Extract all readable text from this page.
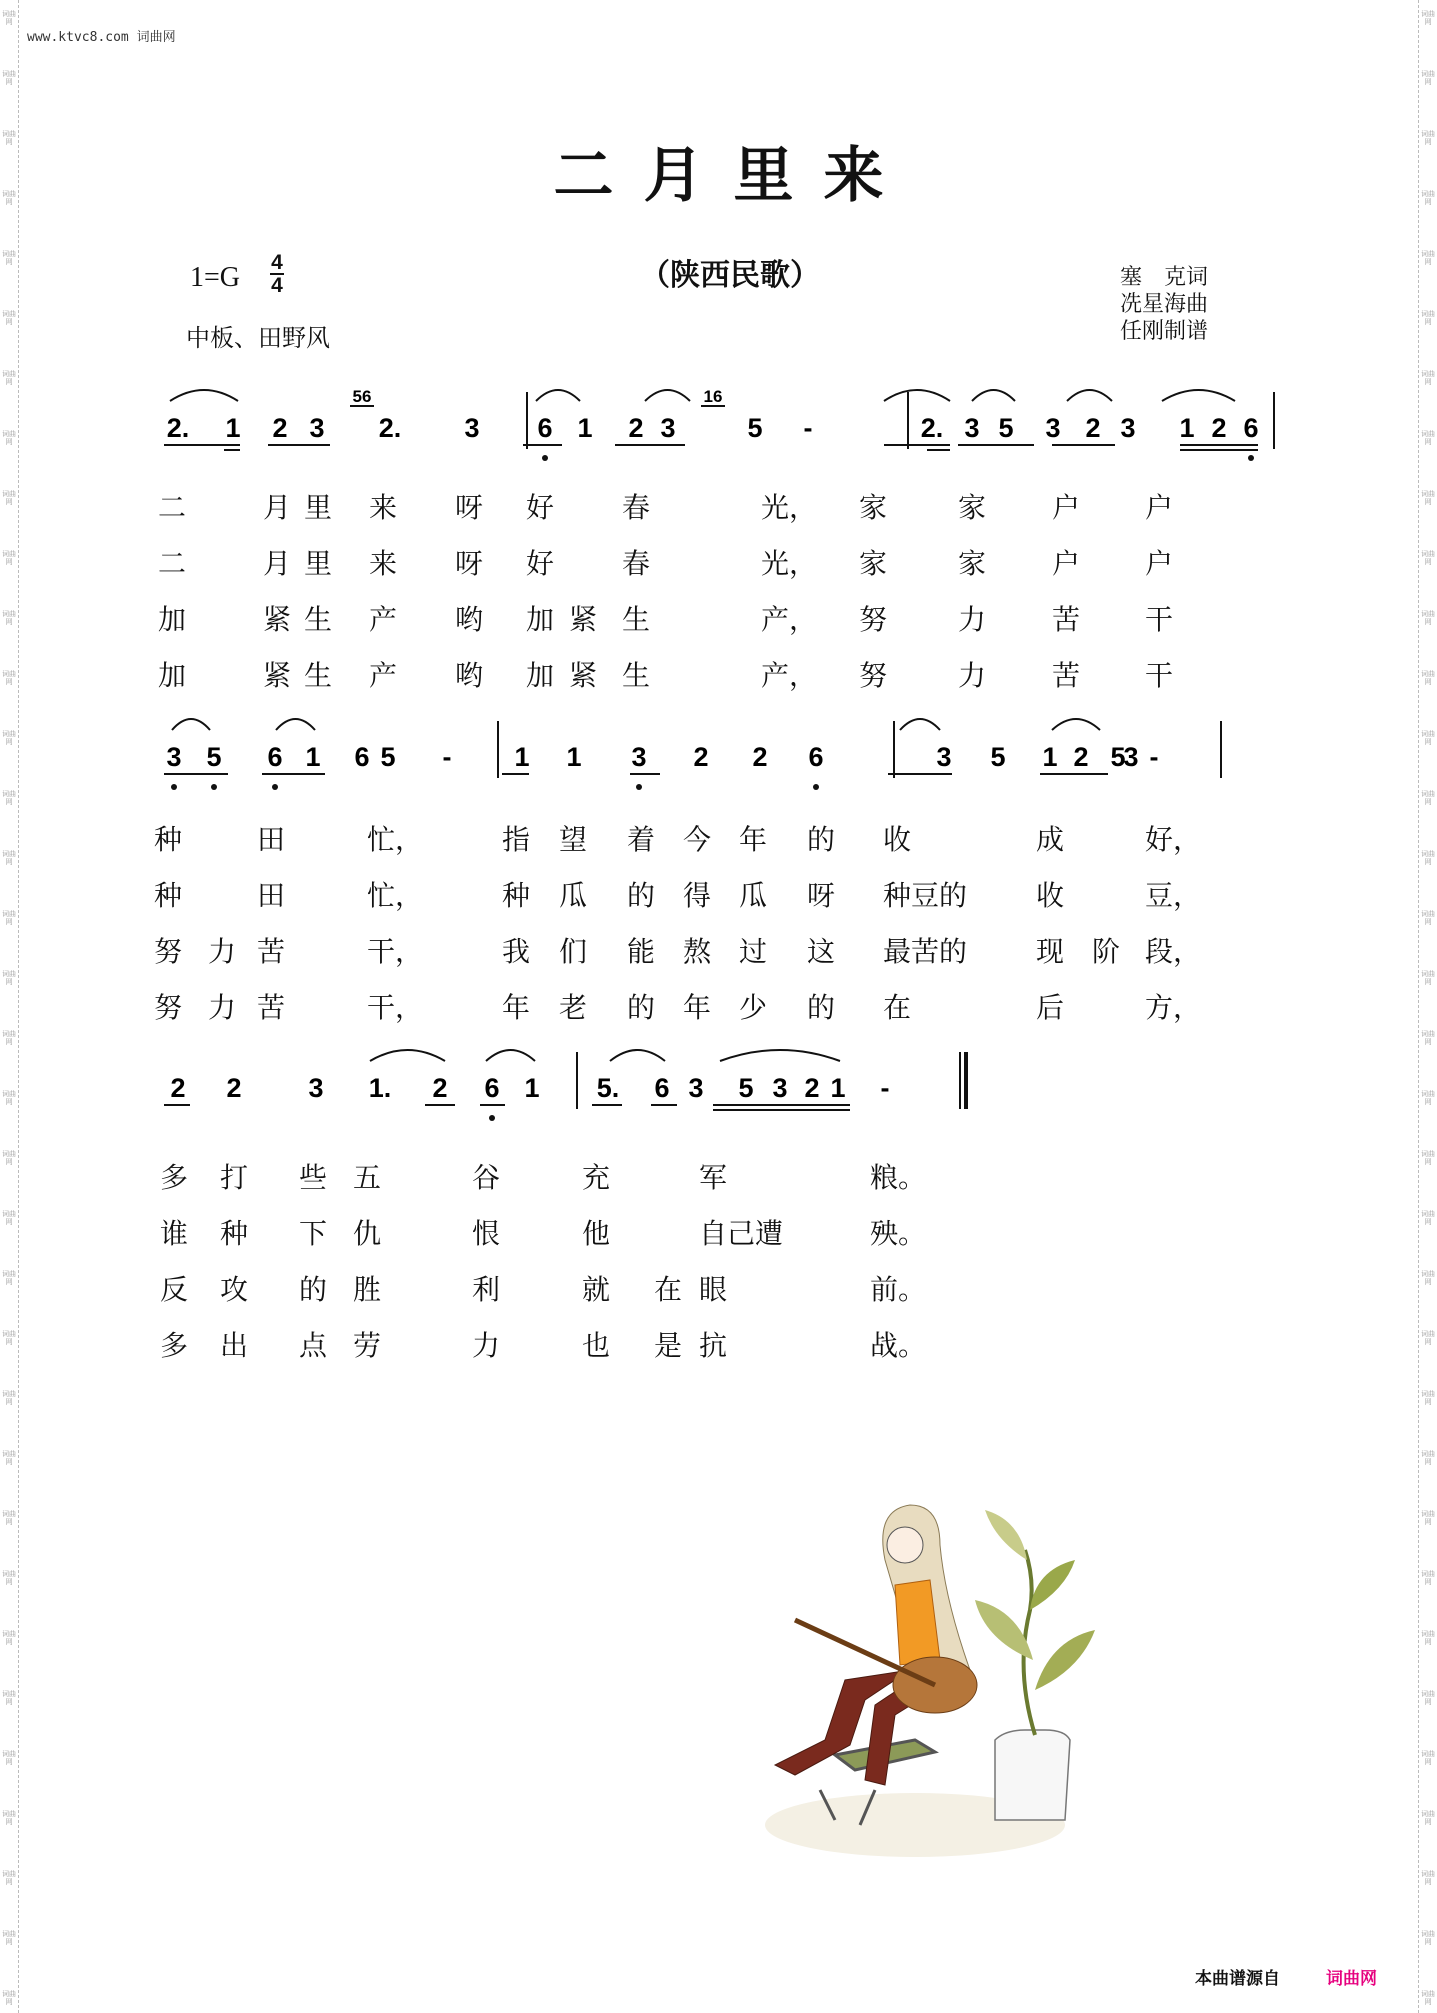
词曲网
词曲网
词曲网
词曲网
词曲网
词曲网
词曲网
词曲网
词曲网
词曲网
词曲网
词曲网
词曲网
词曲网
词曲网
词曲网
词曲网
词曲网
词曲网
词曲网
词曲网
词曲网
词曲网
词曲网
词曲网
词曲网
词曲网
词曲网
词曲网
词曲网
词曲网
词曲网
词曲网
词曲网
词曲网
词曲网
词曲网
词曲网
词曲网
词曲网
词曲网
词曲网
词曲网
词曲网
词曲网
词曲网
词曲网
词曲网
词曲网
词曲网
词曲网
词曲网
词曲网
词曲网
词曲网
词曲网
词曲网
词曲网
词曲网
词曲网
词曲网
词曲网
词曲网
词曲网
词曲网
词曲网
词曲网
词曲网
www.ktvc8.com 词曲网
二月里来
（陕西民歌）
1=G 4
4
中板、田野风
塞　克词
冼星海曲
任刚制谱
2. 1 2 3
56
2. 3 6 1 2 3
16
5 -	2. 3 5 3 2 3 1 2 6
3 5 6 1 6 5 - 1 1 3 2 2 6	3 5 1 2 5
3 -
2 2 3 1. 2 6 1 5. 6 3 5 3 2 1 -
二	月 里 来 呀 好 春	光， 家	家 户 户
二	月 里 来 呀 好 春	光， 家	家 户 户
加	紧 生 产 哟 加 紧 生	产， 努	力 苦 干
加	紧 生 产 哟 加 紧 生	产， 努	力 苦 干
种	田	忙，	指 望 着 今 年 的 收	成	好，
种	田	忙，	种 瓜 的 得 瓜 呀 种豆的 收	豆，
努 力 苦	干，	我 们 能 熬 过 这 最苦的 现 阶 段，
努 力 苦	干，	年 老 的 年 少 的 在	后	方，
多 打 些 五	谷	充	军	粮。
谁 种 下 仇	恨	他	自己遭	殃。
反 攻 的 胜	利	就 在 眼	前。
多 出 点 劳	力	也 是 抗	战。
本曲谱源自	词曲网
